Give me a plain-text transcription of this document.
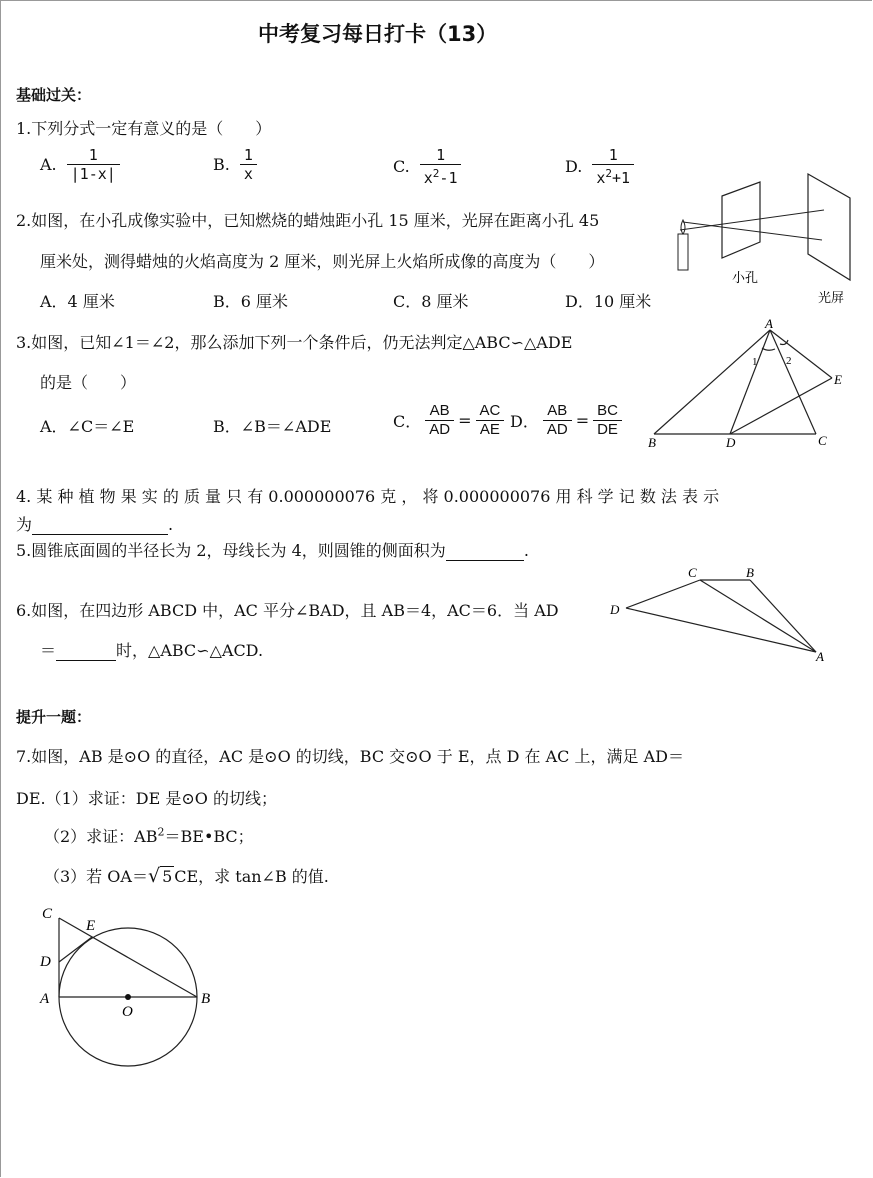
中考复习每日打卡（13）
基础过关：
1.下列分式一定有意义的是（　　）
A. $\frac{1}{|1-x|}$	B. $\frac{1}{x}$	C. $\frac{1}{x^2-1}$	D. $\frac{1}{x^2+1}$
2.如图，在小孔成像实验中，已知燃烧的蜡烛距小孔 15 厘米，光屏在距离小孔 45
厘米处，测得蜡烛的火焰高度为 2 厘米，则光屏上火焰所成像的高度为（　　）
A．4 厘米	B．6 厘米	C．8 厘米	D．10 厘米
小孔
光屏
3.如图，已知∠1＝∠2，那么添加下列一个条件后，仍无法判定△ABC∽△ADE
的是（　　）
A．∠C＝∠E	B．∠B＝∠ADE	C． $\frac{AB}{AD} = \frac{AC}{AE}$ D． $\frac{AB}{AD} = \frac{BC}{DE}$
A
B	D	C
E
1	2
4. 某 种 植 物 果 实 的 质 量 只 有 0.000000076 克 ， 将 0.000000076 用 科 学 记 数 法 表 示
为	.
5.圆锥底面圆的半径长为 2，母线长为 4，则圆锥的侧面积为	.
6.如图，在四边形 ABCD 中，AC 平分∠BAD，且 AB＝4，AC＝6．当 AD
＝	时，△ABC∽△ACD.
D
C	B
A
提升一题：
7.如图，AB 是⊙O 的直径，AC 是⊙O 的切线，BC 交⊙O 于 E，点 D 在 AC 上，满足 AD＝
DE.（1）求证：DE 是⊙O 的切线；
（2）求证：$AB^2=BE•BC$；
（3）若 OA＝√ 5 CE，求 tan∠B 的值.
C
E
D
A	B
O
